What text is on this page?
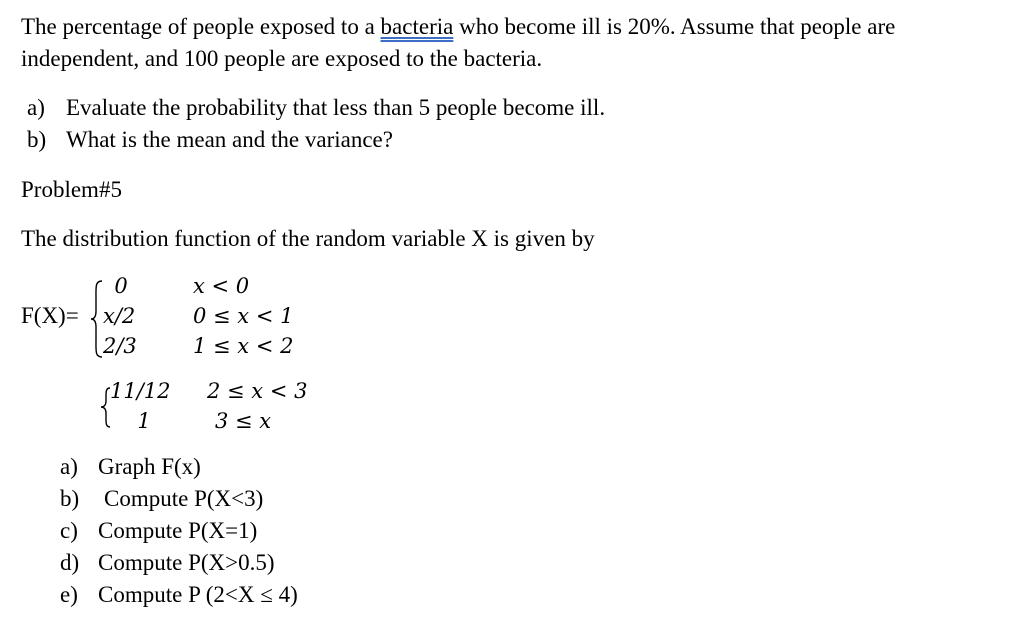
The percentage of people exposed to a bacteria who become ill is 20%. Assume that people are
independent, and 100 people are exposed to the bacteria.
a) Evaluate the probability that less than 5 people become ill.
b) What is the mean and the variance?
Problem#5
The distribution function of the random variable X is given by
F(X)=
0	x < 0
x/2	0 ≤ x < 1
2/3	1 ≤ x < 2
11/12 2 ≤ x < 3
1	3 ≤ x
a) Graph F(x)
b) Compute P(X<3)
c) Compute P(X=1)
d) Compute P(X>0.5)
e) Compute P (2<X ≤ 4)
